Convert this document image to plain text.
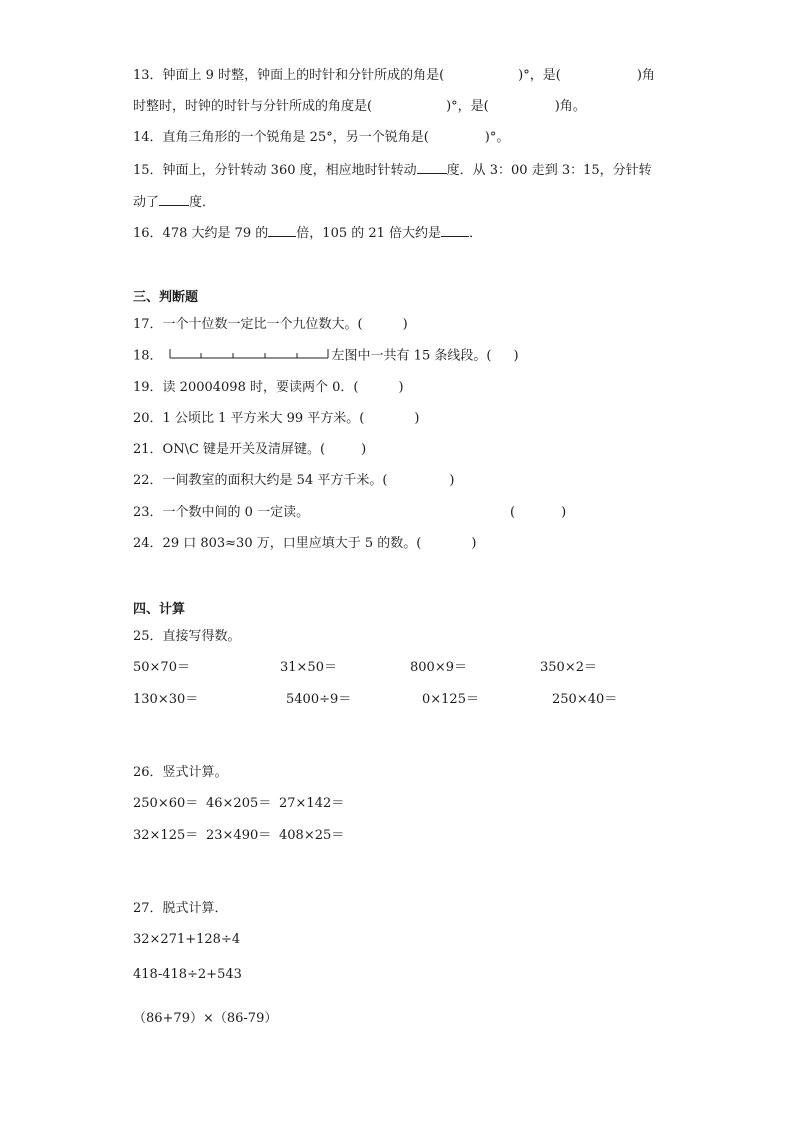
13．钟面上 9 时整，钟面上的时针和分针所成的角是(	)°，是(	)角
时整时，时钟的时针与分针所成的角度是(	)°，是(	)角。
14．直角三角形的一个锐角是 25°，另一个锐角是(	)°。
15．钟面上，分针转动 360 度，相应地时针转动 度．从 3：00 走到 3：15，分针转
动了 度．
16．478 大约是 79 的 倍，105 的 21 倍大约是 ．
三、判断题
17．一个十位数一定比一个九位数大。(	)
18．	左图中一共有 15 条线段。( )
19．读 20004098 时，要读两个 0．(	)
20．1 公顷比 1 平方米大 99 平方米。(	)
21．ON\C 键是开关及清屏键。(	)
22．一间教室的面积大约是 54 平方千米。(	)
23．一个数中间的 0 一定读。	(	)
24．29 口 803≈30 万，口里应填大于 5 的数。(	)
四、计算
25．直接写得数。
50×70＝	31×50＝	800×9＝	350×2＝
130×30＝	5400÷9＝	0×125＝	250×40＝
26．竖式计算。
250×60＝ 46×205＝ 27×142＝
32×125＝ 23×490＝ 408×25＝
27．脱式计算．
32×271+128÷4
418-418÷2+543
（86+79）×（86-79）
